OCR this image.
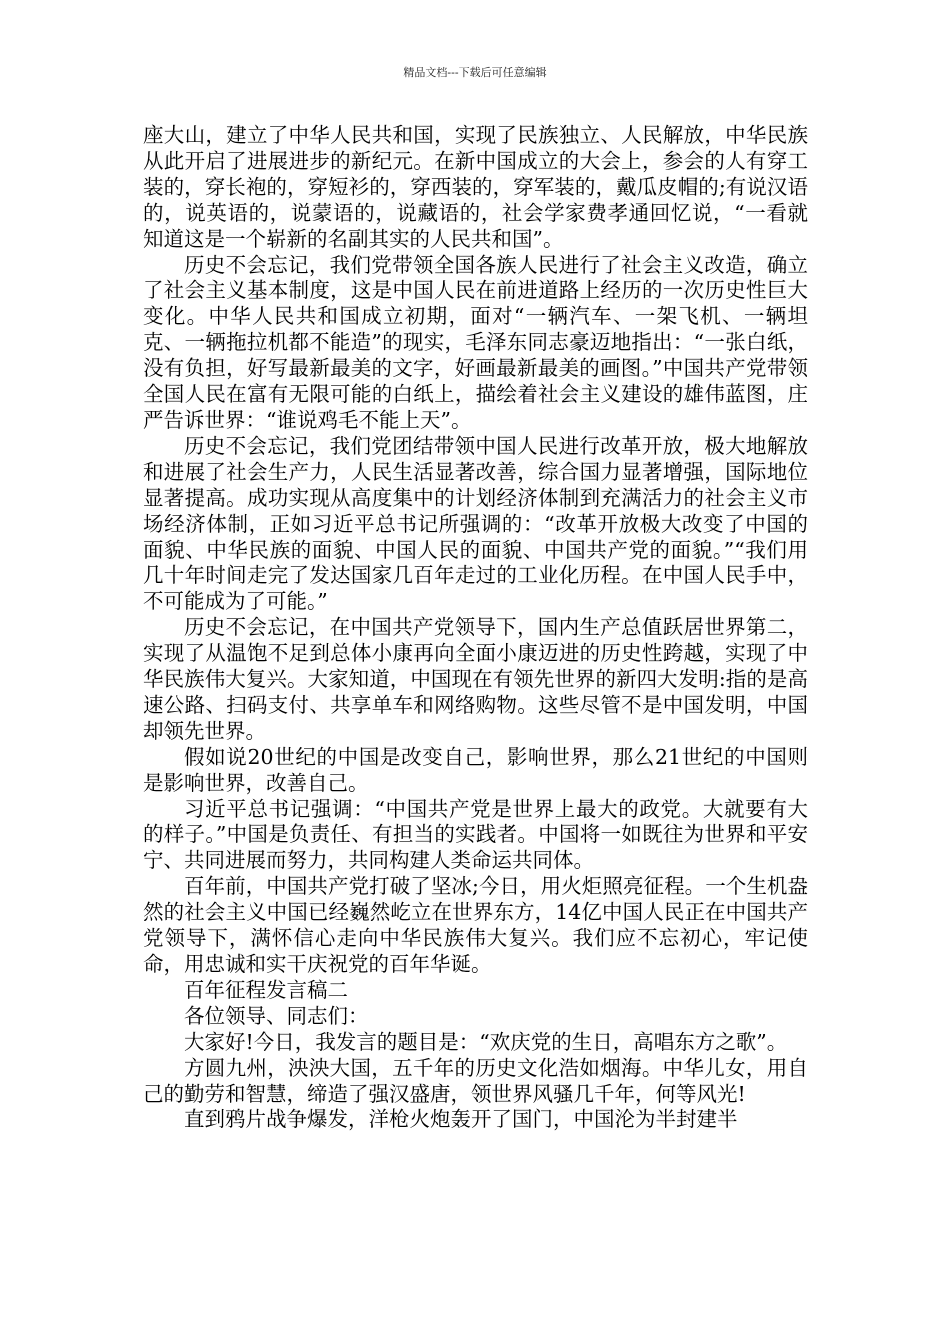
精品文档---下载后可任意编辑

座大山，建立了中华人民共和国，实现了民族独立、人民解放，中华民族从此开启了进展进步的新纪元。在新中国成立的大会上，参会的人有穿工装的，穿长袍的，穿短衫的，穿西装的，穿军装的，戴瓜皮帽的;有说汉语的，说英语的，说蒙语的，说藏语的，社会学家费孝通回忆说，“一看就知道这是一个崭新的名副其实的人民共和国”。

历史不会忘记，我们党带领全国各族人民进行了社会主义改造，确立了社会主义基本制度，这是中国人民在前进道路上经历的一次历史性巨大变化。中华人民共和国成立初期，面对“一辆汽车、一架飞机、一辆坦克、一辆拖拉机都不能造”的现实，毛泽东同志豪迈地指出：“一张白纸，没有负担，好写最新最美的文字，好画最新最美的画图。”中国共产党带领全国人民在富有无限可能的白纸上，描绘着社会主义建设的雄伟蓝图，庄严告诉世界：“谁说鸡毛不能上天”。

历史不会忘记，我们党团结带领中国人民进行改革开放，极大地解放和进展了社会生产力，人民生活显著改善，综合国力显著增强，国际地位显著提高。成功实现从高度集中的计划经济体制到充满活力的社会主义市场经济体制，正如习近平总书记所强调的：“改革开放极大改变了中国的面貌、中华民族的面貌、中国人民的面貌、中国共产党的面貌。”“我们用几十年时间走完了发达国家几百年走过的工业化历程。在中国人民手中，不可能成为了可能。”

历史不会忘记，在中国共产党领导下，国内生产总值跃居世界第二，实现了从温饱不足到总体小康再向全面小康迈进的历史性跨越，实现了中华民族伟大复兴。大家知道，中国现在有领先世界的新四大发明:指的是高速公路、扫码支付、共享单车和网络购物。这些尽管不是中国发明，中国却领先世界。

假如说20世纪的中国是改变自己，影响世界，那么21世纪的中国则是影响世界，改善自己。

习近平总书记强调：“中国共产党是世界上最大的政党。大就要有大的样子。”中国是负责任、有担当的实践者。中国将一如既往为世界和平安宁、共同进展而努力，共同构建人类命运共同体。

百年前，中国共产党打破了坚冰;今日，用火炬照亮征程。一个生机盎然的社会主义中国已经巍然屹立在世界东方，14亿中国人民正在中国共产党领导下，满怀信心走向中华民族伟大复兴。我们应不忘初心，牢记使命，用忠诚和实干庆祝党的百年华诞。

百年征程发言稿二

各位领导、同志们：

大家好!今日，我发言的题目是：“欢庆党的生日，高唱东方之歌”。

方圆九州，泱泱大国，五千年的历史文化浩如烟海。中华儿女，用自己的勤劳和智慧，缔造了强汉盛唐，领世界风骚几千年，何等风光!

直到鸦片战争爆发，洋枪火炮轰开了国门，中国沦为半封建半
